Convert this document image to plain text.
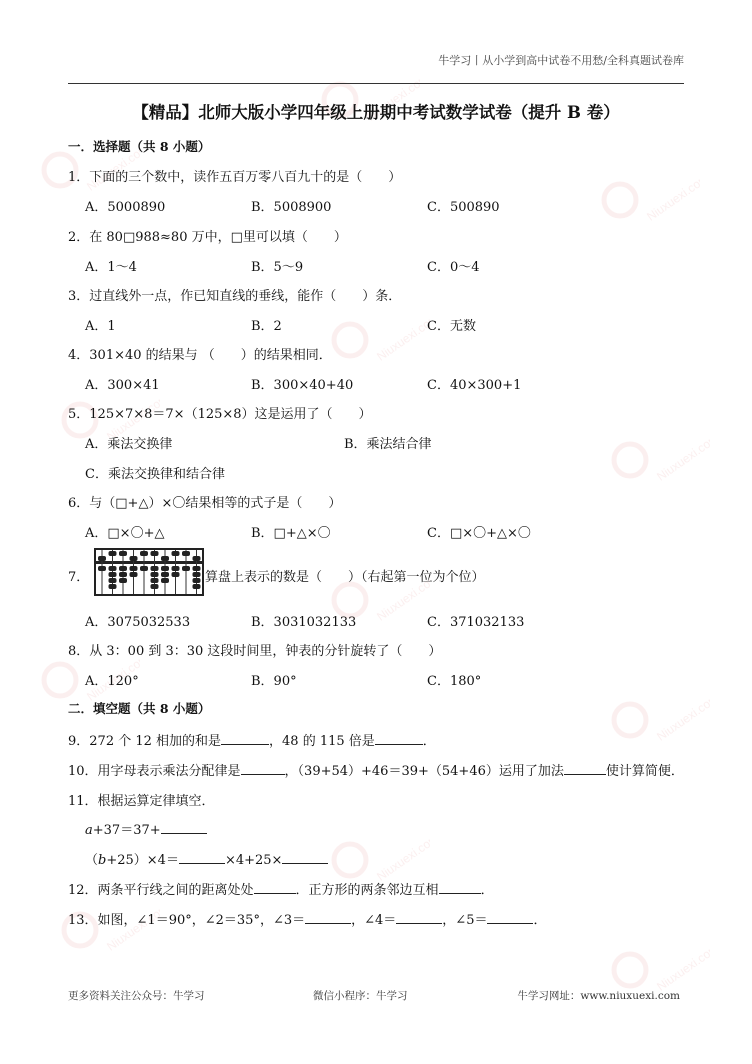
Niuxuexi.com
Niuxuexi.com
Niuxuexi.com
Niuxuexi.com
Niuxuexi.com
Niuxuexi.com
Niuxuexi.com
Niuxuexi.com
Niuxuexi.com
Niuxuexi.com
Niuxuexi.com
Niuxuexi.com
牛学习丨从小学到高中试卷不用愁/全科真题试卷库
【精品】北师大版小学四年级上册期中考试数学试卷（提升 B 卷）
一．选择题（共 8 小题）
1．下面的三个数中，读作五百万零八百九十的是（　　）
A．5000890	B．5008900	C．500890
2．在 80□988≈80 万中，□里可以填（　　）
A．1～4	B．5～9	C．0～4
3．过直线外一点，作已知直线的垂线，能作（　　）条．
A．1	B．2	C．无数
4．301×40 的结果与 （　　）的结果相同．
A．300×41	B．300×40+40	C．40×300+1
5．125×7×8＝7×（125×8）这是运用了（　　）
A．乘法交换律	B．乘法结合律
C．乘法交换律和结合律
6．与（□+△）×〇结果相等的式子是（　　）
A．□×〇+△	B．□+△×〇	C．□×〇+△×〇
7．	算盘上表示的数是（　　）（右起第一位为个位）
A．3075032533	B．3031032133	C．371032133
8．从 3：00 到 3：30 这段时间里，钟表的分针旋转了（　　）
A．120°	B．90°	C．180°
二．填空题（共 8 小题）
9．272 个 12 相加的和是	，48 的 115 倍是	．
10．用字母表示乘法分配律是	，（39+54）+46＝39+（54+46）运用了加法	使计算简便．
11．根据运算定律填空．
a+37＝37+
（b+25）×4＝	×4+25×
12．两条平行线之间的距离处处	．正方形的两条邻边互相	．
13．如图，∠1＝90°，∠2＝35°，∠3＝	，∠4＝	，∠5＝	．
更多资料关注公众号：牛学习	微信小程序：牛学习	牛学习网址：www.niuxuexi.com
